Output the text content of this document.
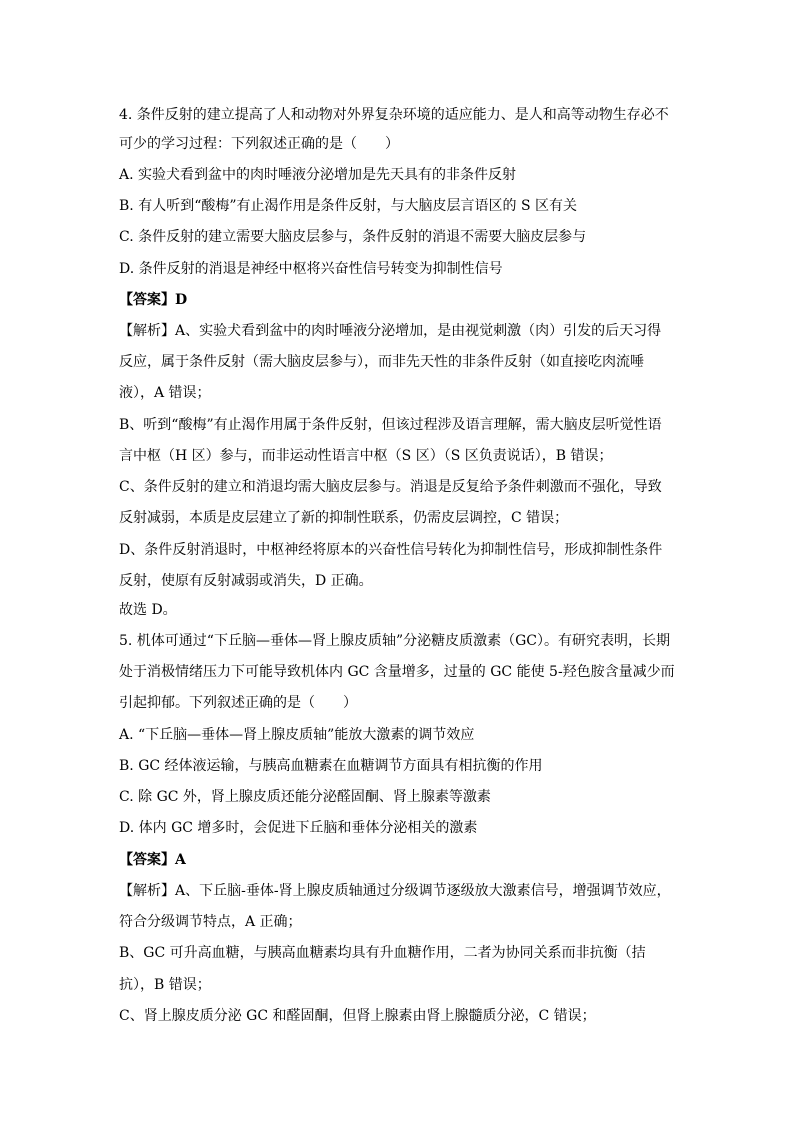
4. 条件反射的建立提高了人和动物对外界复杂环境的适应能力、是人和高等动物生存必不
可少的学习过程：下列叙述正确的是（　　）
A. 实验犬看到盆中的肉时唾液分泌增加是先天具有的非条件反射
B. 有人听到“酸梅”有止渴作用是条件反射，与大脑皮层言语区的 S 区有关
C. 条件反射的建立需要大脑皮层参与，条件反射的消退不需要大脑皮层参与
D. 条件反射的消退是神经中枢将兴奋性信号转变为抑制性信号
【答案】D
【解析】A、实验犬看到盆中的肉时唾液分泌增加，是由视觉刺激（肉）引发的后天习得
反应，属于条件反射（需大脑皮层参与），而非先天性的非条件反射（如直接吃肉流唾
液），A 错误；
B、听到“酸梅”有止渴作用属于条件反射，但该过程涉及语言理解，需大脑皮层听觉性语
言中枢（H 区）参与，而非运动性语言中枢（S 区）（S 区负责说话），B 错误；
C、条件反射的建立和消退均需大脑皮层参与。消退是反复给予条件刺激而不强化，导致
反射减弱，本质是皮层建立了新的抑制性联系，仍需皮层调控，C 错误；
D、条件反射消退时，中枢神经将原本的兴奋性信号转化为抑制性信号，形成抑制性条件
反射，使原有反射减弱或消失，D 正确。
故选 D。
5. 机体可通过“下丘脑—垂体—肾上腺皮质轴”分泌糖皮质激素（GC）。有研究表明，长期
处于消极情绪压力下可能导致机体内 GC 含量增多，过量的 GC 能使 5-羟色胺含量减少而
引起抑郁。下列叙述正确的是（　　）
A. “下丘脑—垂体—肾上腺皮质轴”能放大激素的调节效应
B. GC 经体液运输，与胰高血糖素在血糖调节方面具有相抗衡的作用
C. 除 GC 外，肾上腺皮质还能分泌醛固酮、肾上腺素等激素
D. 体内 GC 增多时，会促进下丘脑和垂体分泌相关的激素
【答案】A
【解析】A、下丘脑-垂体-肾上腺皮质轴通过分级调节逐级放大激素信号，增强调节效应，
符合分级调节特点，A 正确；
B、GC 可升高血糖，与胰高血糖素均具有升血糖作用，二者为协同关系而非抗衡（拮
抗），B 错误；
C、肾上腺皮质分泌 GC 和醛固酮，但肾上腺素由肾上腺髓质分泌，C 错误；
